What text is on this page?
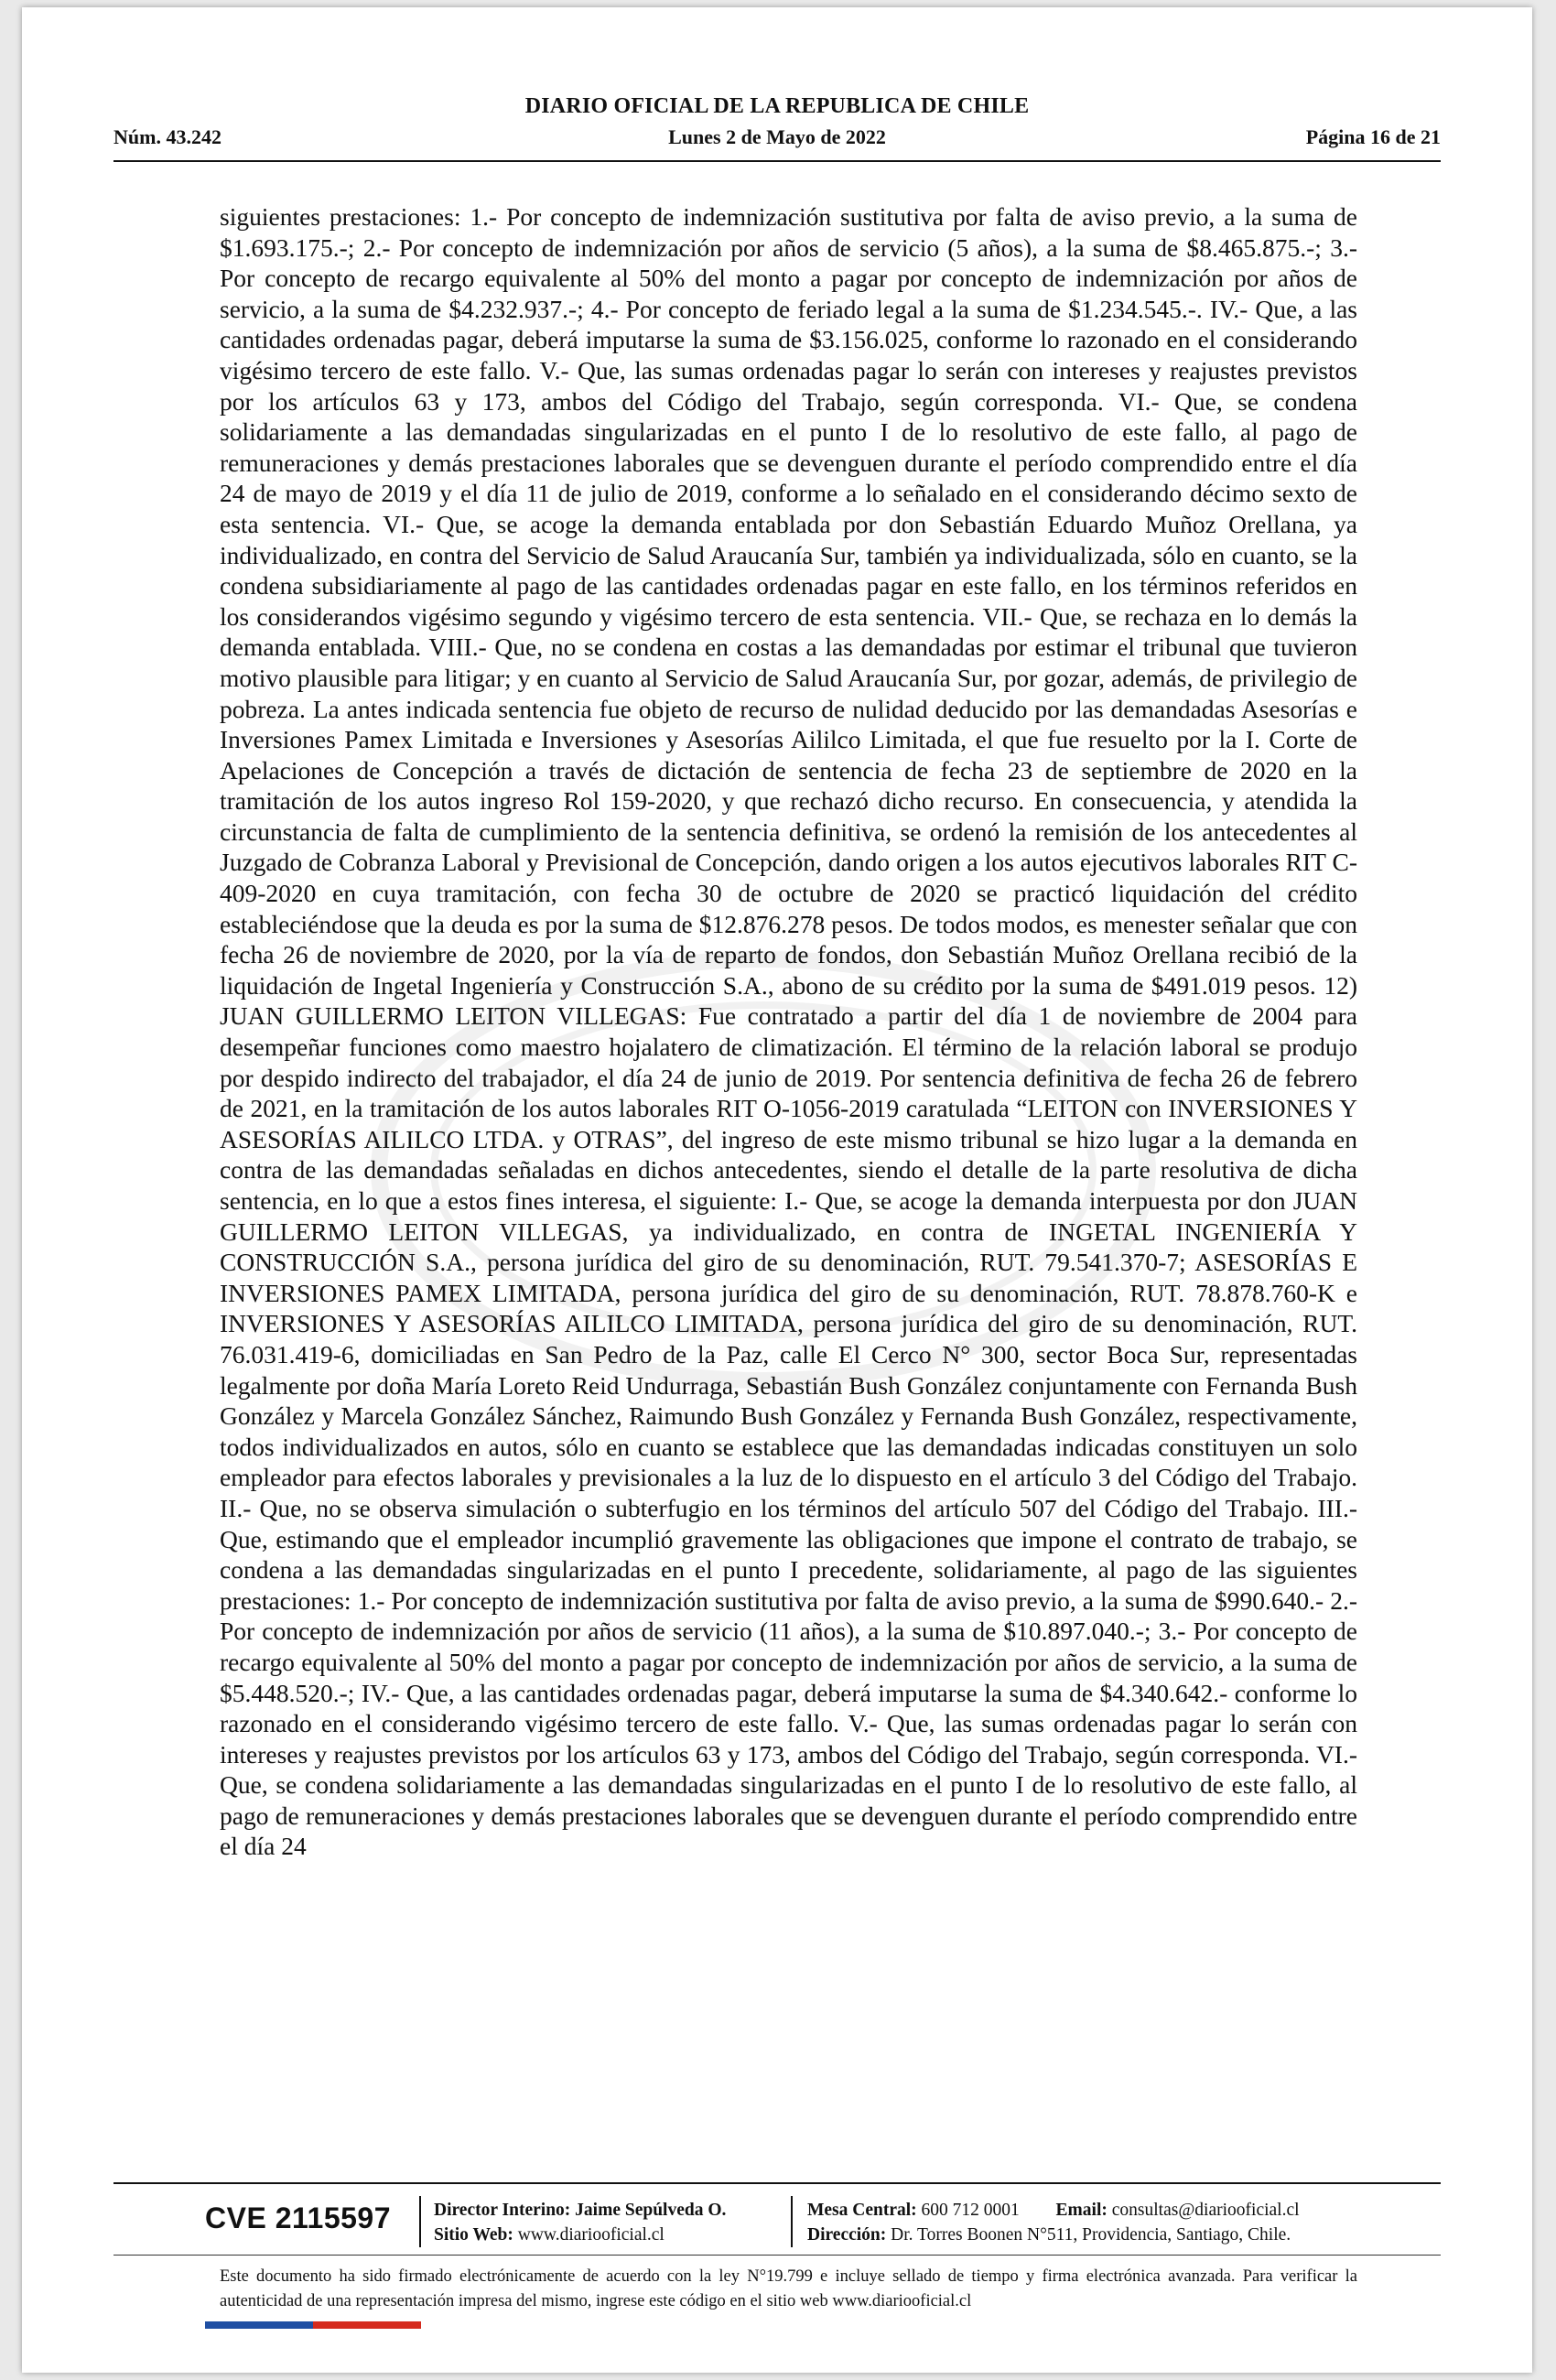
DIARIO OFICIAL DE LA REPUBLICA DE CHILE
Núm. 43.242	Lunes 2 de Mayo de 2022	Página 16 de 21

siguientes prestaciones: 1.- Por concepto de indemnización sustitutiva por falta de aviso previo, a la suma de $1.693.175.-; 2.- Por concepto de indemnización por años de servicio (5 años), a la suma de $8.465.875.-; 3.- Por concepto de recargo equivalente al 50% del monto a pagar por concepto de indemnización por años de servicio, a la suma de $4.232.937.-; 4.- Por concepto de feriado legal a la suma de $1.234.545.-. IV.- Que, a las cantidades ordenadas pagar, deberá imputarse la suma de $3.156.025, conforme lo razonado en el considerando vigésimo tercero de este fallo. V.- Que, las sumas ordenadas pagar lo serán con intereses y reajustes previstos por los artículos 63 y 173, ambos del Código del Trabajo, según corresponda. VI.- Que, se condena solidariamente a las demandadas singularizadas en el punto I de lo resolutivo de este fallo, al pago de remuneraciones y demás prestaciones laborales que se devenguen durante el período comprendido entre el día 24 de mayo de 2019 y el día 11 de julio de 2019, conforme a lo señalado en el considerando décimo sexto de esta sentencia. VI.- Que, se acoge la demanda entablada por don Sebastián Eduardo Muñoz Orellana, ya individualizado, en contra del Servicio de Salud Araucanía Sur, también ya individualizada, sólo en cuanto, se la condena subsidiariamente al pago de las cantidades ordenadas pagar en este fallo, en los términos referidos en los considerandos vigésimo segundo y vigésimo tercero de esta sentencia. VII.- Que, se rechaza en lo demás la demanda entablada. VIII.- Que, no se condena en costas a las demandadas por estimar el tribunal que tuvieron motivo plausible para litigar; y en cuanto al Servicio de Salud Araucanía Sur, por gozar, además, de privilegio de pobreza. La antes indicada sentencia fue objeto de recurso de nulidad deducido por las demandadas Asesorías e Inversiones Pamex Limitada e Inversiones y Asesorías Aililco Limitada, el que fue resuelto por la I. Corte de Apelaciones de Concepción a través de dictación de sentencia de fecha 23 de septiembre de 2020 en la tramitación de los autos ingreso Rol 159-2020, y que rechazó dicho recurso. En consecuencia, y atendida la circunstancia de falta de cumplimiento de la sentencia definitiva, se ordenó la remisión de los antecedentes al Juzgado de Cobranza Laboral y Previsional de Concepción, dando origen a los autos ejecutivos laborales RIT C-409-2020 en cuya tramitación, con fecha 30 de octubre de 2020 se practicó liquidación del crédito estableciéndose que la deuda es por la suma de $12.876.278 pesos. De todos modos, es menester señalar que con fecha 26 de noviembre de 2020, por la vía de reparto de fondos, don Sebastián Muñoz Orellana recibió de la liquidación de Ingetal Ingeniería y Construcción S.A., abono de su crédito por la suma de $491.019 pesos. 12) JUAN GUILLERMO LEITON VILLEGAS: Fue contratado a partir del día 1 de noviembre de 2004 para desempeñar funciones como maestro hojalatero de climatización. El término de la relación laboral se produjo por despido indirecto del trabajador, el día 24 de junio de 2019. Por sentencia definitiva de fecha 26 de febrero de 2021, en la tramitación de los autos laborales RIT O-1056-2019 caratulada “LEITON con INVERSIONES Y ASESORÍAS AILILCO LTDA. y OTRAS”, del ingreso de este mismo tribunal se hizo lugar a la demanda en contra de las demandadas señaladas en dichos antecedentes, siendo el detalle de la parte resolutiva de dicha sentencia, en lo que a estos fines interesa, el siguiente: I.- Que, se acoge la demanda interpuesta por don JUAN GUILLERMO LEITON VILLEGAS, ya individualizado, en contra de INGETAL INGENIERÍA Y CONSTRUCCIÓN S.A., persona jurídica del giro de su denominación, RUT. 79.541.370-7; ASESORÍAS E INVERSIONES PAMEX LIMITADA, persona jurídica del giro de su denominación, RUT. 78.878.760-K e INVERSIONES Y ASESORÍAS AILILCO LIMITADA, persona jurídica del giro de su denominación, RUT. 76.031.419-6, domiciliadas en San Pedro de la Paz, calle El Cerco N° 300, sector Boca Sur, representadas legalmente por doña María Loreto Reid Undurraga, Sebastián Bush González conjuntamente con Fernanda Bush González y Marcela González Sánchez, Raimundo Bush González y Fernanda Bush González, respectivamente, todos individualizados en autos, sólo en cuanto se establece que las demandadas indicadas constituyen un solo empleador para efectos laborales y previsionales a la luz de lo dispuesto en el artículo 3 del Código del Trabajo. II.- Que, no se observa simulación o subterfugio en los términos del artículo 507 del Código del Trabajo. III.- Que, estimando que el empleador incumplió gravemente las obligaciones que impone el contrato de trabajo, se condena a las demandadas singularizadas en el punto I precedente, solidariamente, al pago de las siguientes prestaciones: 1.- Por concepto de indemnización sustitutiva por falta de aviso previo, a la suma de $990.640.- 2.- Por concepto de indemnización por años de servicio (11 años), a la suma de $10.897.040.-; 3.- Por concepto de recargo equivalente al 50% del monto a pagar por concepto de indemnización por años de servicio, a la suma de $5.448.520.-; IV.- Que, a las cantidades ordenadas pagar, deberá imputarse la suma de $4.340.642.- conforme lo razonado en el considerando vigésimo tercero de este fallo. V.- Que, las sumas ordenadas pagar lo serán con intereses y reajustes previstos por los artículos 63 y 173, ambos del Código del Trabajo, según corresponda. VI.- Que, se condena solidariamente a las demandadas singularizadas en el punto I de lo resolutivo de este fallo, al pago de remuneraciones y demás prestaciones laborales que se devenguen durante el período comprendido entre el día 24

CVE 2115597 Director Interino: Jaime Sepúlveda O.
Sitio Web: www.diariooficial.cl
Mesa Central: 600 712 0001 Email: consultas@diariooficial.cl
Dirección: Dr. Torres Boonen N°511, Providencia, Santiago, Chile.
Este documento ha sido firmado electrónicamente de acuerdo con la ley N°19.799 e incluye sellado de tiempo y firma electrónica avanzada. Para verificar la autenticidad de una representación impresa del mismo, ingrese este código en el sitio web www.diariooficial.cl
